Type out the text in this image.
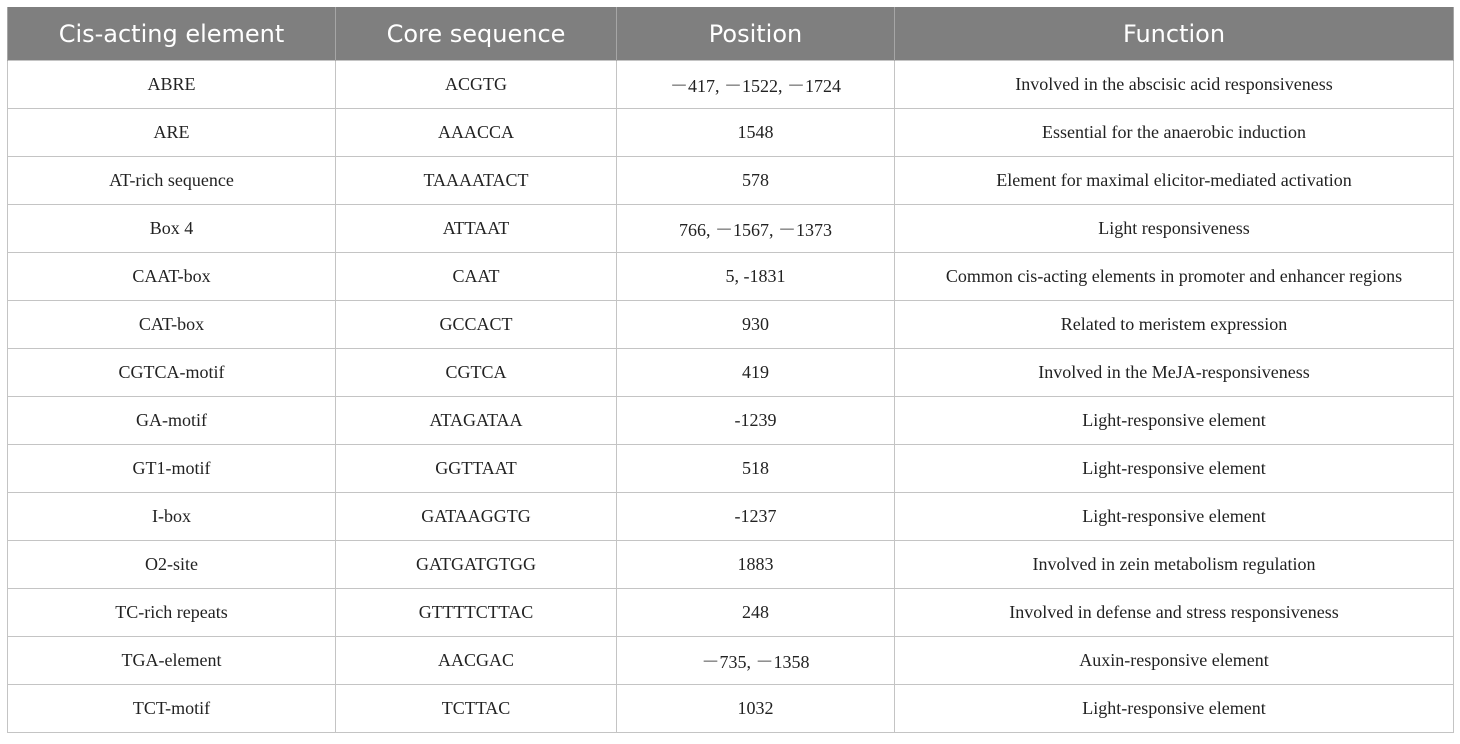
Cis-acting element	Core sequence	Position	Function
ABRE	ACGTG	－417, －1522, －1724	Involved in the abscisic acid responsiveness
ARE	AAACCA	1548	Essential for the anaerobic induction
AT-rich sequence	TAAAATACT	578	Element for maximal elicitor-mediated activation
Box 4	ATTAAT	766, －1567, －1373	Light responsiveness
CAAT-box	CAAT	5, -1831	Common cis-acting elements in promoter and enhancer regions
CAT-box	GCCACT	930	Related to meristem expression
CGTCA-motif	CGTCA	419	Involved in the MeJA-responsiveness
GA-motif	ATAGATAA	-1239	Light-responsive element
GT1-motif	GGTTAAT	518	Light-responsive element
I-box	GATAAGGTG	-1237	Light-responsive element
O2-site	GATGATGTGG	1883	Involved in zein metabolism regulation
TC-rich repeats	GTTTTCTTAC	248	Involved in defense and stress responsiveness
TGA-element	AACGAC	－735, －1358	Auxin-responsive element
TCT-motif	TCTTAC	1032	Light-responsive element
